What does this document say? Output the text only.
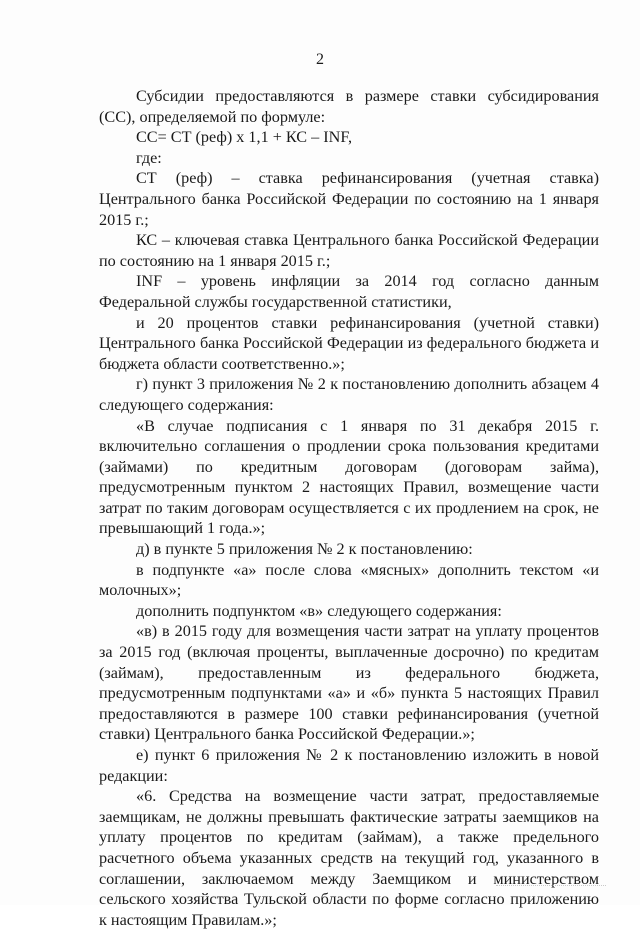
2
Субсидии предоставляются в размере ставки субсидирования (СС), определяемой по формуле:
СС= СТ (реф) х 1,1 + КС – INF,
где:
СТ (реф) – ставка рефинансирования (учетная ставка) Центрального банка Российской Федерации по состоянию на 1 января 2015 г.;
КС – ключевая ставка Центрального банка Российской Федерации по состоянию на 1 января 2015 г.;
INF – уровень инфляции за 2014 год согласно данным Федеральной службы государственной статистики,
и 20 процентов ставки рефинансирования (учетной ставки) Центрального банка Российской Федерации из федерального бюджета и бюджета области соответственно.»;
г) пункт 3 приложения № 2 к постановлению дополнить абзацем 4 следующего содержания:
«В случае подписания с 1 января по 31 декабря 2015 г. включительно соглашения о продлении срока пользования кредитами (займами) по кредитным договорам (договорам займа), предусмотренным пунктом 2 настоящих Правил, возмещение части затрат по таким договорам осуществляется с их продлением на срок, не превышающий 1 года.»;
д) в пункте 5 приложения № 2 к постановлению:
в подпункте «а» после слова «мясных» дополнить текстом «и молочных»;
дополнить подпунктом «в» следующего содержания:
«в) в 2015 году для возмещения части затрат на уплату процентов за 2015 год (включая проценты, выплаченные досрочно) по кредитам (займам), предоставленным из федерального бюджета, предусмотренным подпунктами «а» и «б» пункта 5 настоящих Правил предоставляются в размере 100 ставки рефинансирования (учетной ставки) Центрального банка Российской Федерации.»;
е) пункт 6 приложения № 2 к постановлению изложить в новой редакции:
«6. Средства на возмещение части затрат, предоставляемые заемщикам, не должны превышать фактические затраты заемщиков на уплату процентов по кредитам (займам), а также предельного расчетного объема указанных средств на текущий год, указанного в соглашении, заключаемом между Заемщиком и министерством сельского хозяйства Тульской области по форме согласно приложению к настоящим Правилам.»;
